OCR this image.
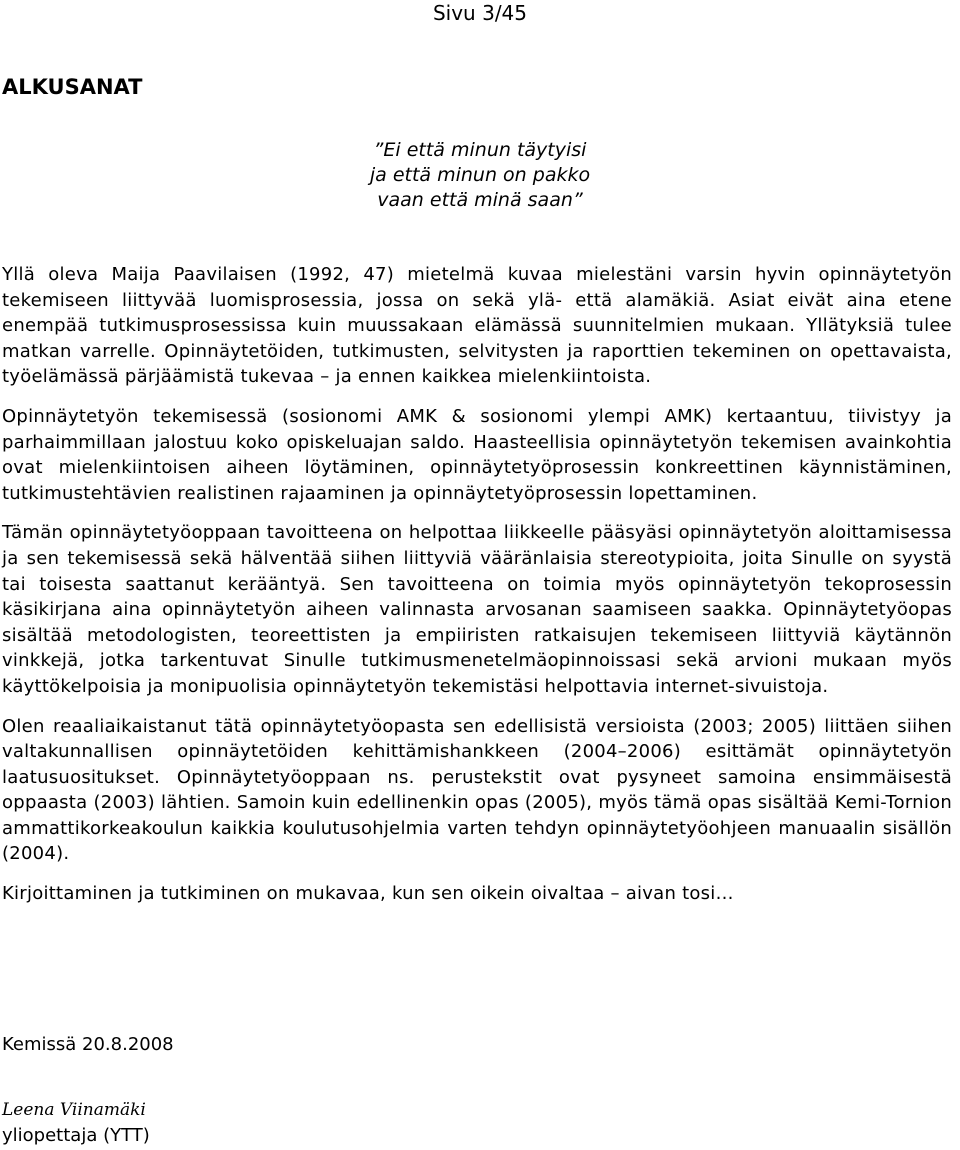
Sivu 3/45
ALKUSANAT
”Ei että minun täytyisi
ja että minun on pakko
vaan että minä saan”

Yllä oleva Maija Paavilaisen (1992, 47) mietelmä kuvaa mielestäni varsin hyvin opinnäytetyön tekemiseen liittyvää luomisprosessia, jossa on sekä ylä- että alamäkiä. Asiat eivät aina etene enempää tutkimusprosessissa kuin muussakaan elämässä suunnitelmien mukaan. Yllätyksiä tulee matkan varrelle. Opinnäytetöiden, tutkimusten, selvitysten ja raporttien tekeminen on opettavaista, työelämässä pärjäämistä tukevaa – ja ennen kaikkea mielenkiintoista.

Opinnäytetyön tekemisessä (sosionomi AMK & sosionomi ylempi AMK) kertaantuu, tiivistyy ja parhaimmillaan jalostuu koko opiskeluajan saldo. Haasteellisia opinnäytetyön tekemisen avainkohtia ovat mielenkiintoisen aiheen löytäminen, opinnäytetyöprosessin konkreettinen käynnistäminen, tutkimustehtävien realistinen rajaaminen ja opinnäytetyöprosessin lopettaminen.

Tämän opinnäytetyöoppaan tavoitteena on helpottaa liikkeelle pääsyäsi opinnäytetyön aloittamisessa ja sen tekemisessä sekä hälventää siihen liittyviä vääränlaisia stereotypioita, joita Sinulle on syystä tai toisesta saattanut kerääntyä. Sen tavoitteena on toimia myös opinnäytetyön tekoprosessin käsikirjana aina opinnäytetyön aiheen valinnasta arvosanan saamiseen saakka. Opinnäytetyöopas sisältää metodologisten, teoreettisten ja empiiristen ratkaisujen tekemiseen liittyviä käytännön vinkkejä, jotka tarkentuvat Sinulle tutkimusmenetelmäopinnoissasi sekä arvioni mukaan myös käyttökelpoisia ja monipuolisia opinnäytetyön tekemistäsi helpottavia internet-sivuistoja.

Olen reaaliaikaistanut tätä opinnäytetyöopasta sen edellisistä versioista (2003; 2005) liittäen siihen valtakunnallisen opinnäytetöiden kehittämishankkeen (2004–2006) esittämät opinnäytetyön laatusuositukset. Opinnäytetyöoppaan ns. perustekstit ovat pysyneet samoina ensimmäisestä oppaasta (2003) lähtien. Samoin kuin edellinenkin opas (2005), myös tämä opas sisältää Kemi-Tornion ammattikorkeakoulun kaikkia koulutusohjelmia varten tehdyn opinnäytetyöohjeen manuaalin sisällön (2004).

Kirjoittaminen ja tutkiminen on mukavaa, kun sen oikein oivaltaa – aivan tosi…

Kemissä 20.8.2008
Leena Viinamäki
yliopettaja (YTT)
